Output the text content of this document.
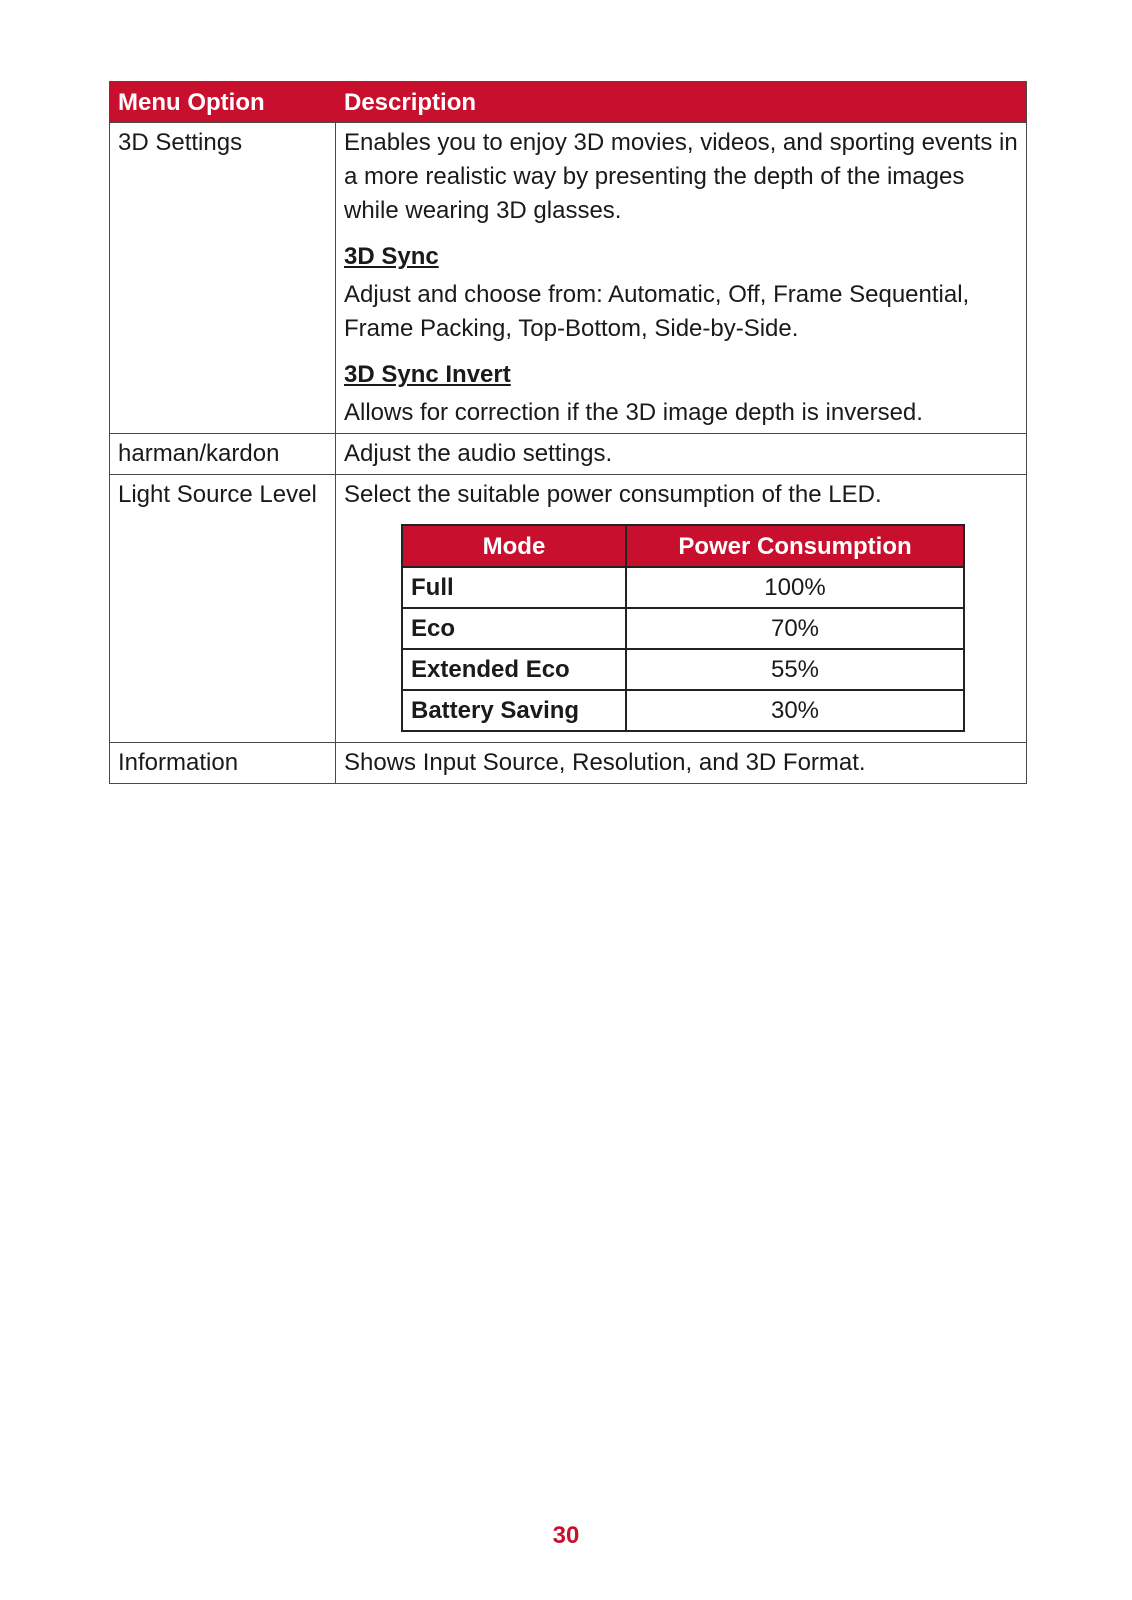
Menu Option	Description
3D Settings	Enables you to enjoy 3D movies, videos, and sporting events in a more realistic way by presenting the depth of the images while wearing 3D glasses.

3D Sync

Adjust and choose from: Automatic, Off, Frame Sequential, Frame Packing, Top-Bottom, Side-by-Side.

3D Sync Invert

Allows for correction if the 3D image depth is inversed.

harman/kardon	Adjust the audio settings.
Light Source Level	Select the suitable power consumption of the LED.

Mode	Power Consumption
Full	100%
Eco	70%
Extended Eco	55%
Battery Saving	30%

Information	Shows Input Source, Resolution, and 3D Format.
30
